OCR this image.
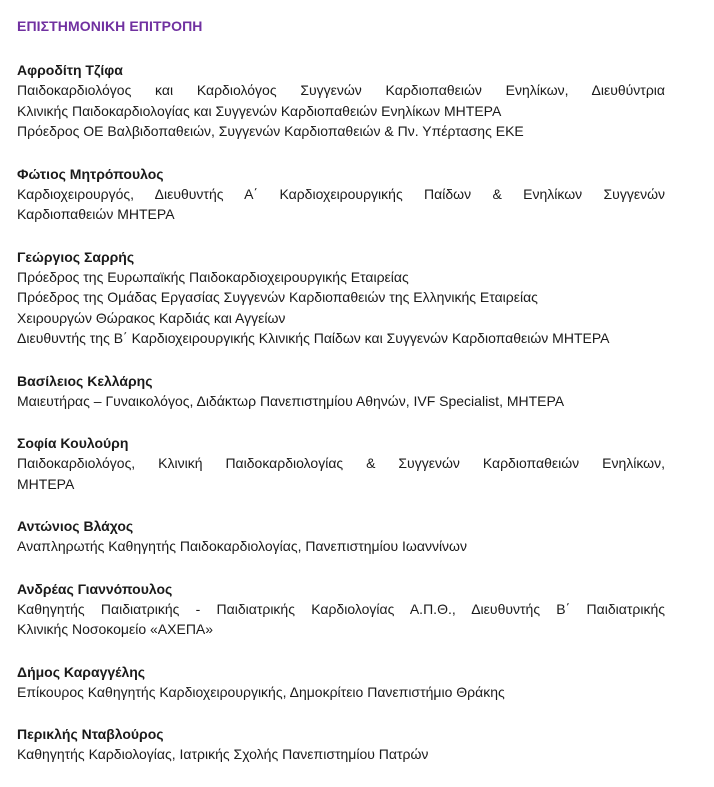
ΕΠΙΣΤΗΜΟΝΙΚΗ ΕΠΙΤΡΟΠΗ
Αφροδίτη Τζίφα
Παιδοκαρδιολόγος και Καρδιολόγος Συγγενών Καρδιοπαθειών Ενηλίκων, Διευθύντρια
Κλινικής Παιδοκαρδιολογίας και Συγγενών Καρδιοπαθειών Ενηλίκων ΜΗΤΕΡΑ
Πρόεδρος ΟΕ Βαλβιδοπαθειών, Συγγενών Καρδιοπαθειών & Πν. Υπέρτασης ΕΚΕ
Φώτιος Μητρόπουλος
Καρδιοχειρουργός, Διευθυντής Α΄ Καρδιοχειρουργικής Παίδων & Ενηλίκων Συγγενών
Καρδιοπαθειών ΜΗΤΕΡΑ
Γεώργιος Σαρρής
Πρόεδρος της Ευρωπαϊκής Παιδοκαρδιοχειρουργικής Εταιρείας
Πρόεδρος της Ομάδας Εργασίας Συγγενών Καρδιοπαθειών της Ελληνικής Εταιρείας
Χειρουργών Θώρακος Καρδιάς και Αγγείων
Διευθυντής της Β΄ Καρδιοχειρουργικής Κλινικής Παίδων και Συγγενών Καρδιοπαθειών ΜΗΤΕΡΑ
Βασίλειος Κελλάρης
Μαιευτήρας – Γυναικολόγος, Διδάκτωρ Πανεπιστημίου Αθηνών, IVF Specialist, ΜΗΤΕΡΑ
Σοφία Κουλούρη
Παιδοκαρδιολόγος, Κλινική Παιδοκαρδιολογίας & Συγγενών Καρδιοπαθειών Ενηλίκων,
ΜΗΤΕΡΑ
Αντώνιος Βλάχος
Αναπληρωτής Καθηγητής Παιδοκαρδιολογίας, Πανεπιστημίου Ιωαννίνων
Ανδρέας Γιαννόπουλος
Καθηγητής Παιδιατρικής - Παιδιατρικής Καρδιολογίας Α.Π.Θ., Διευθυντής Β΄ Παιδιατρικής
Κλινικής Νοσοκομείο «ΑΧΕΠΑ»
Δήμος Καραγγέλης
Επίκουρος Καθηγητής Καρδιοχειρουργικής, Δημοκρίτειο Πανεπιστήμιο Θράκης
Περικλής Νταβλούρος
Καθηγητής Καρδιολογίας, Ιατρικής Σχολής Πανεπιστημίου Πατρών
